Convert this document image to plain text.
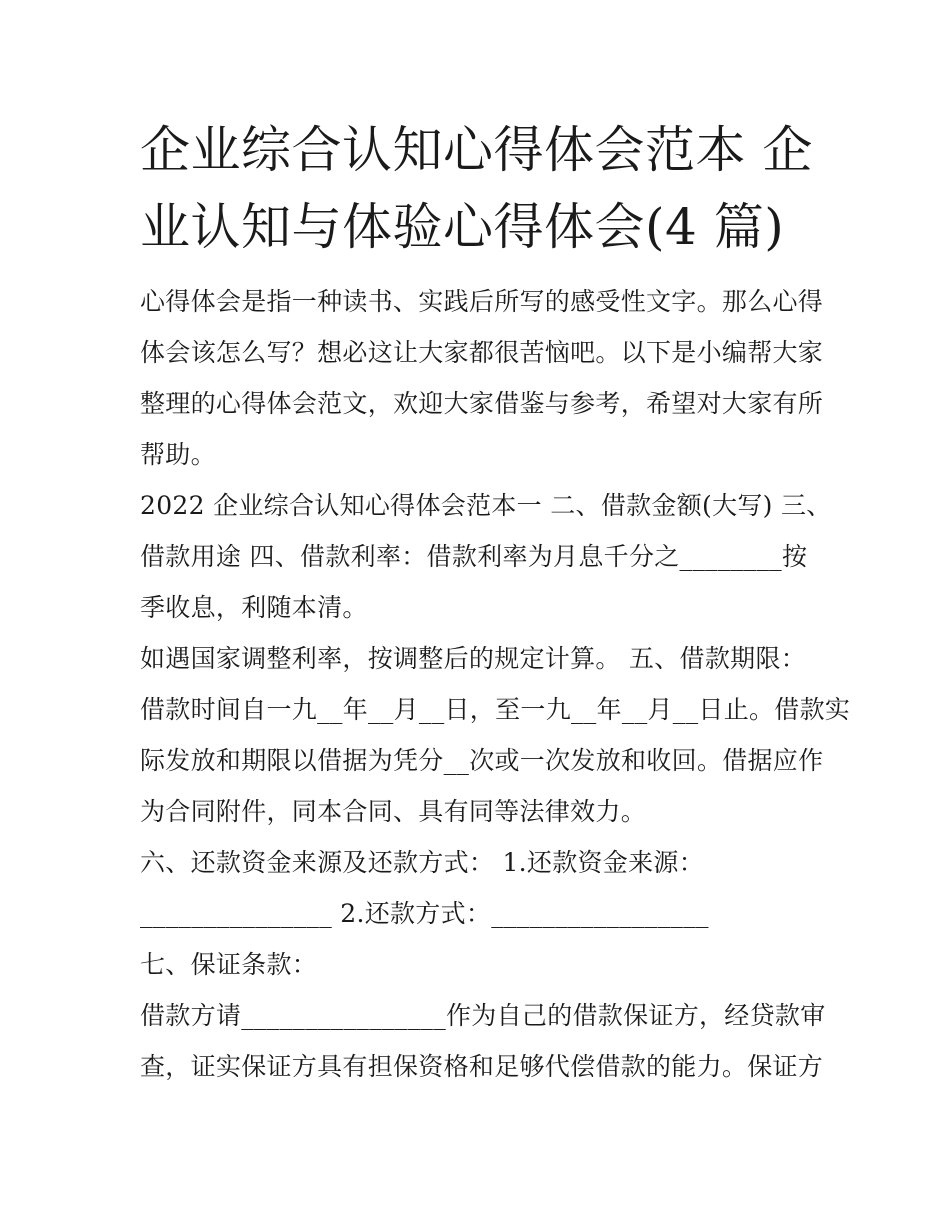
企业综合认知心得体会范本 企
业认知与体验心得体会(4 篇)

心得体会是指一种读书、实践后所写的感受性文字。那么心得
体会该怎么写？想必这让大家都很苦恼吧。以下是小编帮大家
整理的心得体会范文，欢迎大家借鉴与参考，希望对大家有所
帮助。

2022 企业综合认知心得体会范本一 二、借款金额(大写) 三、
借款用途 四、借款利率：借款利率为月息千分之________按
季收息，利随本清。

如遇国家调整利率，按调整后的规定计算。 五、借款期限：
借款时间自一九__年__月__日，至一九__年__月__日止。借款实
际发放和期限以借据为凭分__次或一次发放和收回。借据应作
为合同附件，同本合同、具有同等法律效力。

六、还款资金来源及还款方式： 1.还款资金来源：
_______________ 2.还款方式：_________________

七、保证条款：

借款方请________________作为自己的借款保证方，经贷款审
查，证实保证方具有担保资格和足够代偿借款的能力。保证方
